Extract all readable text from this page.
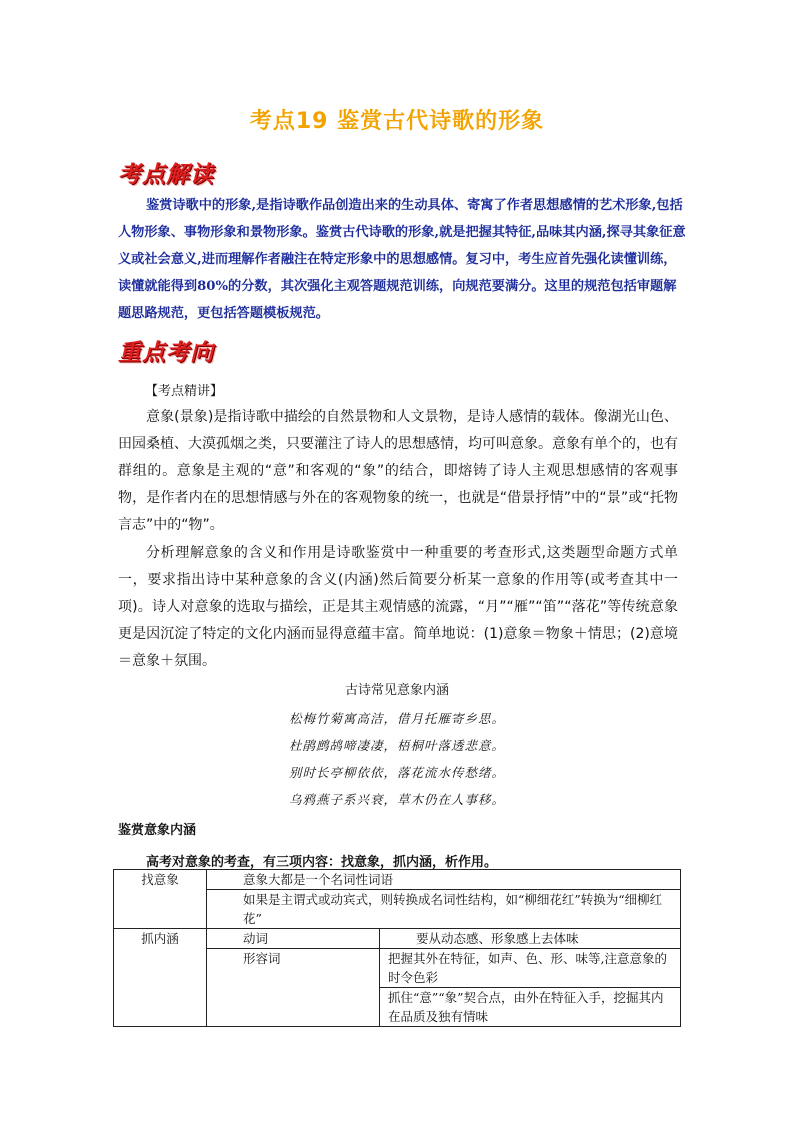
考点19 鉴赏古代诗歌的形象
考点解读
鉴赏诗歌中的形象,是指诗歌作品创造出来的生动具体、寄寓了作者思想感情的艺术形象,包括人物形象、事物形象和景物形象。鉴赏古代诗歌的形象,就是把握其特征,品味其内涵,探寻其象征意义或社会意义,进而理解作者融注在特定形象中的思想感情。复习中，考生应首先强化读懂训练，读懂就能得到80%的分数，其次强化主观答题规范训练，向规范要满分。这里的规范包括审题解题思路规范，更包括答题模板规范。
重点考向
【考点精讲】
意象(景象)是指诗歌中描绘的自然景物和人文景物，是诗人感情的载体。像湖光山色、田园桑植、大漠孤烟之类，只要灌注了诗人的思想感情，均可叫意象。意象有单个的，也有群组的。意象是主观的“意”和客观的“象”的结合，即熔铸了诗人主观思想感情的客观事物，是作者内在的思想情感与外在的客观物象的统一，也就是“借景抒情”中的“景”或“托物言志”中的“物”。
分析理解意象的含义和作用是诗歌鉴赏中一种重要的考查形式,这类题型命题方式单一，要求指出诗中某种意象的含义(内涵)然后简要分析某一意象的作用等(或考查其中一项)。诗人对意象的选取与描绘，正是其主观情感的流露，“月”“雁”“笛”“落花”等传统意象更是因沉淀了特定的文化内涵而显得意蕴丰富。简单地说：(1)意象＝物象＋情思；(2)意境＝意象＋氛围。
古诗常见意象内涵
松梅竹菊寓高洁，借月托雁寄乡思。
杜鹃鹧鸪啼凄凄，梧桐叶落透悲意。
别时长亭柳依依，落花流水传愁绪。
乌鸦燕子系兴衰，草木仍在人事移。
鉴赏意象内涵
高考对意象的考查，有三项内容：找意象，抓内涵，析作用。
找意象	意象大都是一个名词性词语	
	如果是主谓式或动宾式，则转换成名词性结构，如“柳细花红”转换为“细柳红花”	
抓内涵	动词	要从动态感、形象感上去体味
	形容词	把握其外在特征，如声、色、形、味等,注意意象的时令色彩
		抓住“意”“象”契合点，由外在特征入手，挖掘其内在品质及独有情味
